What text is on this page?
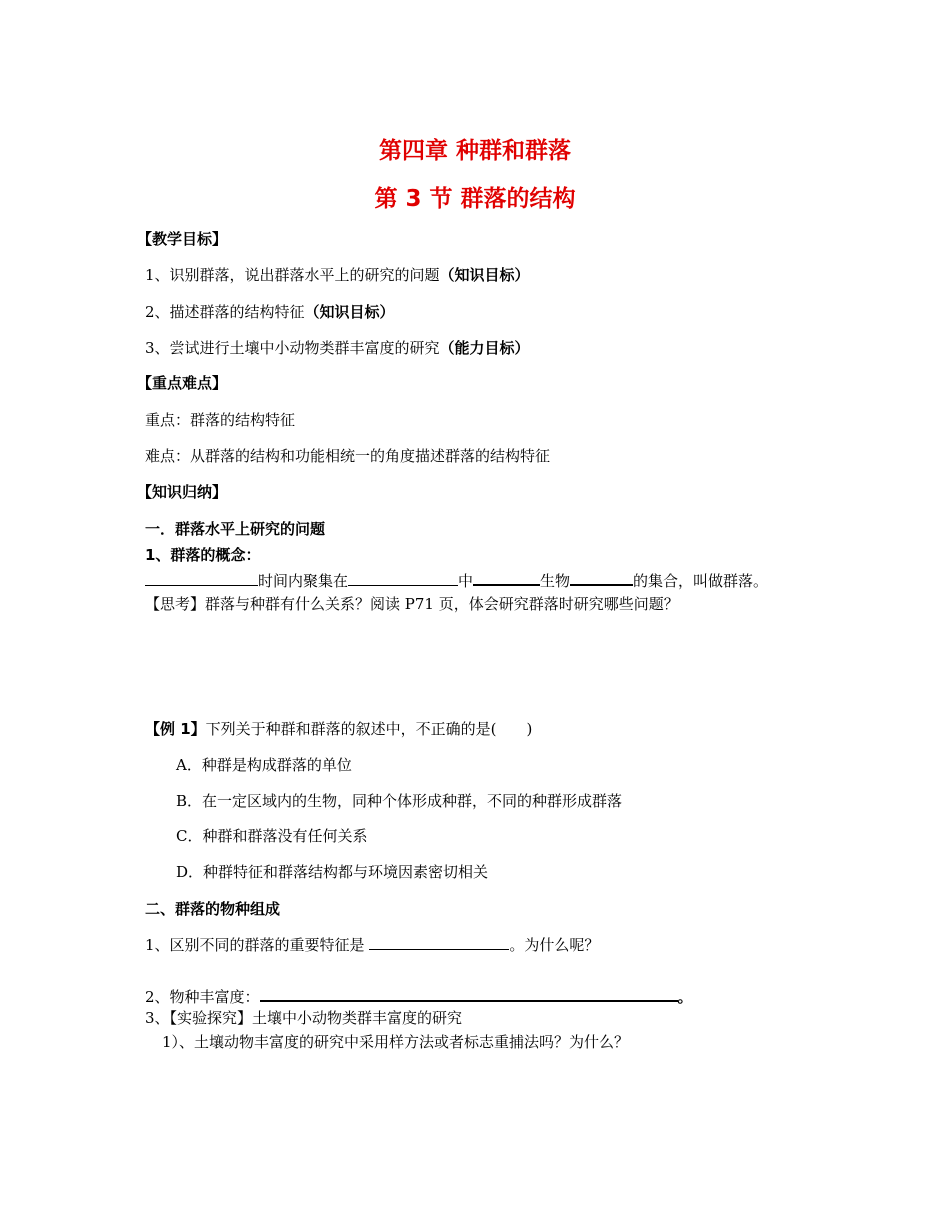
第四章 种群和群落
第 3 节 群落的结构
【教学目标】
1、识别群落，说出群落水平上的研究的问题（知识目标）
2、描述群落的结构特征（知识目标）
3、尝试进行土壤中小动物类群丰富度的研究（能力目标）
【重点难点】
重点：群落的结构特征
难点：从群落的结构和功能相统一的角度描述群落的结构特征
【知识归纳】
一．群落水平上研究的问题
1、群落的概念：
时间内聚集在	中	生物	的集合，叫做群落。
【思考】群落与种群有什么关系？阅读 P71 页，体会研究群落时研究哪些问题？
【例 1】下列关于种群和群落的叙述中，不正确的是(　　)
A．种群是构成群落的单位
B．在一定区域内的生物，同种个体形成种群，不同的种群形成群落
C．种群和群落没有任何关系
D．种群特征和群落结构都与环境因素密切相关
二、群落的物种组成
1、区别不同的群落的重要特征是	。为什么呢？
2、物种丰富度：	。
3、【实验探究】土壤中小动物类群丰富度的研究
1）、土壤动物丰富度的研究中采用样方法或者标志重捕法吗？为什么？
